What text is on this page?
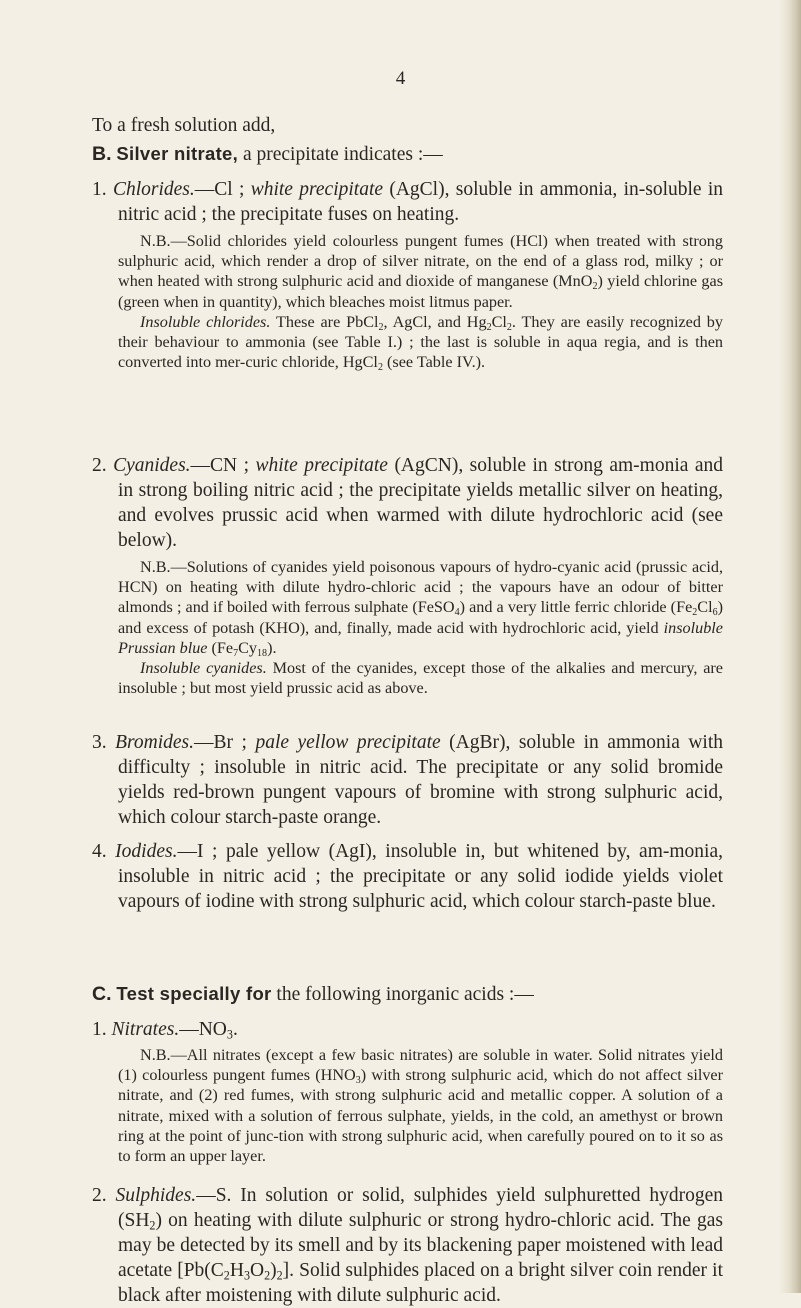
4

To a fresh solution add,

B. Silver nitrate, a precipitate indicates :—

1. Chlorides.—Cl ; white precipitate (AgCl), soluble in ammonia, in-soluble in nitric acid ; the precipitate fuses on heating.

N.B.—Solid chlorides yield colourless pungent fumes (HCl) when treated with strong sulphuric acid, which render a drop of silver nitrate, on the end of a glass rod, milky ; or when heated with strong sulphuric acid and dioxide of manganese (MnO$_2$) yield chlorine gas (green when in quantity), which bleaches moist litmus paper.

Insoluble chlorides. These are PbCl$_2$, AgCl, and $Hg_2Cl_2$. They are easily recognized by their behaviour to ammonia (see Table I.) ; the last is soluble in aqua regia, and is then converted into mer-curic chloride, HgCl$_2$ (see Table IV.).

2. Cyanides.—CN ; white precipitate (AgCN), soluble in strong am-monia and in strong boiling nitric acid ; the precipitate yields metallic silver on heating, and evolves prussic acid when warmed with dilute hydrochloric acid (see below).

N.B.—Solutions of cyanides yield poisonous vapours of hydro-cyanic acid (prussic acid, HCN) on heating with dilute hydro-chloric acid ; the vapours have an odour of bitter almonds ; and if boiled with ferrous sulphate (FeSO$_4$) and a very little ferric chloride $(Fe_2Cl_6)$ and excess of potash (KHO), and, finally, made acid with hydrochloric acid, yield insoluble Prussian blue $(Fe_7Cy_{18})$.

Insoluble cyanides. Most of the cyanides, except those of the alkalies and mercury, are insoluble ; but most yield prussic acid as above.

3. Bromides.—Br ; pale yellow precipitate (AgBr), soluble in ammonia with difficulty ; insoluble in nitric acid. The precipitate or any solid bromide yields red-brown pungent vapours of bromine with strong sulphuric acid, which colour starch-paste orange.

4. Iodides.—I ; pale yellow (AgI), insoluble in, but whitened by, am-monia, insoluble in nitric acid ; the precipitate or any solid iodide yields violet vapours of iodine with strong sulphuric acid, which colour starch-paste blue.

C. Test specially for the following inorganic acids :—

1. $Nitrates.—NO_3$.

N.B.—All nitrates (except a few basic nitrates) are soluble in water. Solid nitrates yield (1) colourless pungent fumes $(HNO_3)$ with strong sulphuric acid, which do not affect silver nitrate, and (2) red fumes, with strong sulphuric acid and metallic copper. A solution of a nitrate, mixed with a solution of ferrous sulphate, yields, in the cold, an amethyst or brown ring at the point of junc-tion with strong sulphuric acid, when carefully poured on to it so as to form an upper layer.

2. Sulphides.—S. In solution or solid, sulphides yield sulphuretted hydrogen $(SH_2)$ on heating with dilute sulphuric or strong hydro-chloric acid. The gas may be detected by its smell and by its blackening paper moistened with lead acetate $[Pb(C_2H_3O_2)_2]$. Solid sulphides placed on a bright silver coin render it black after moistening with dilute sulphuric acid.
